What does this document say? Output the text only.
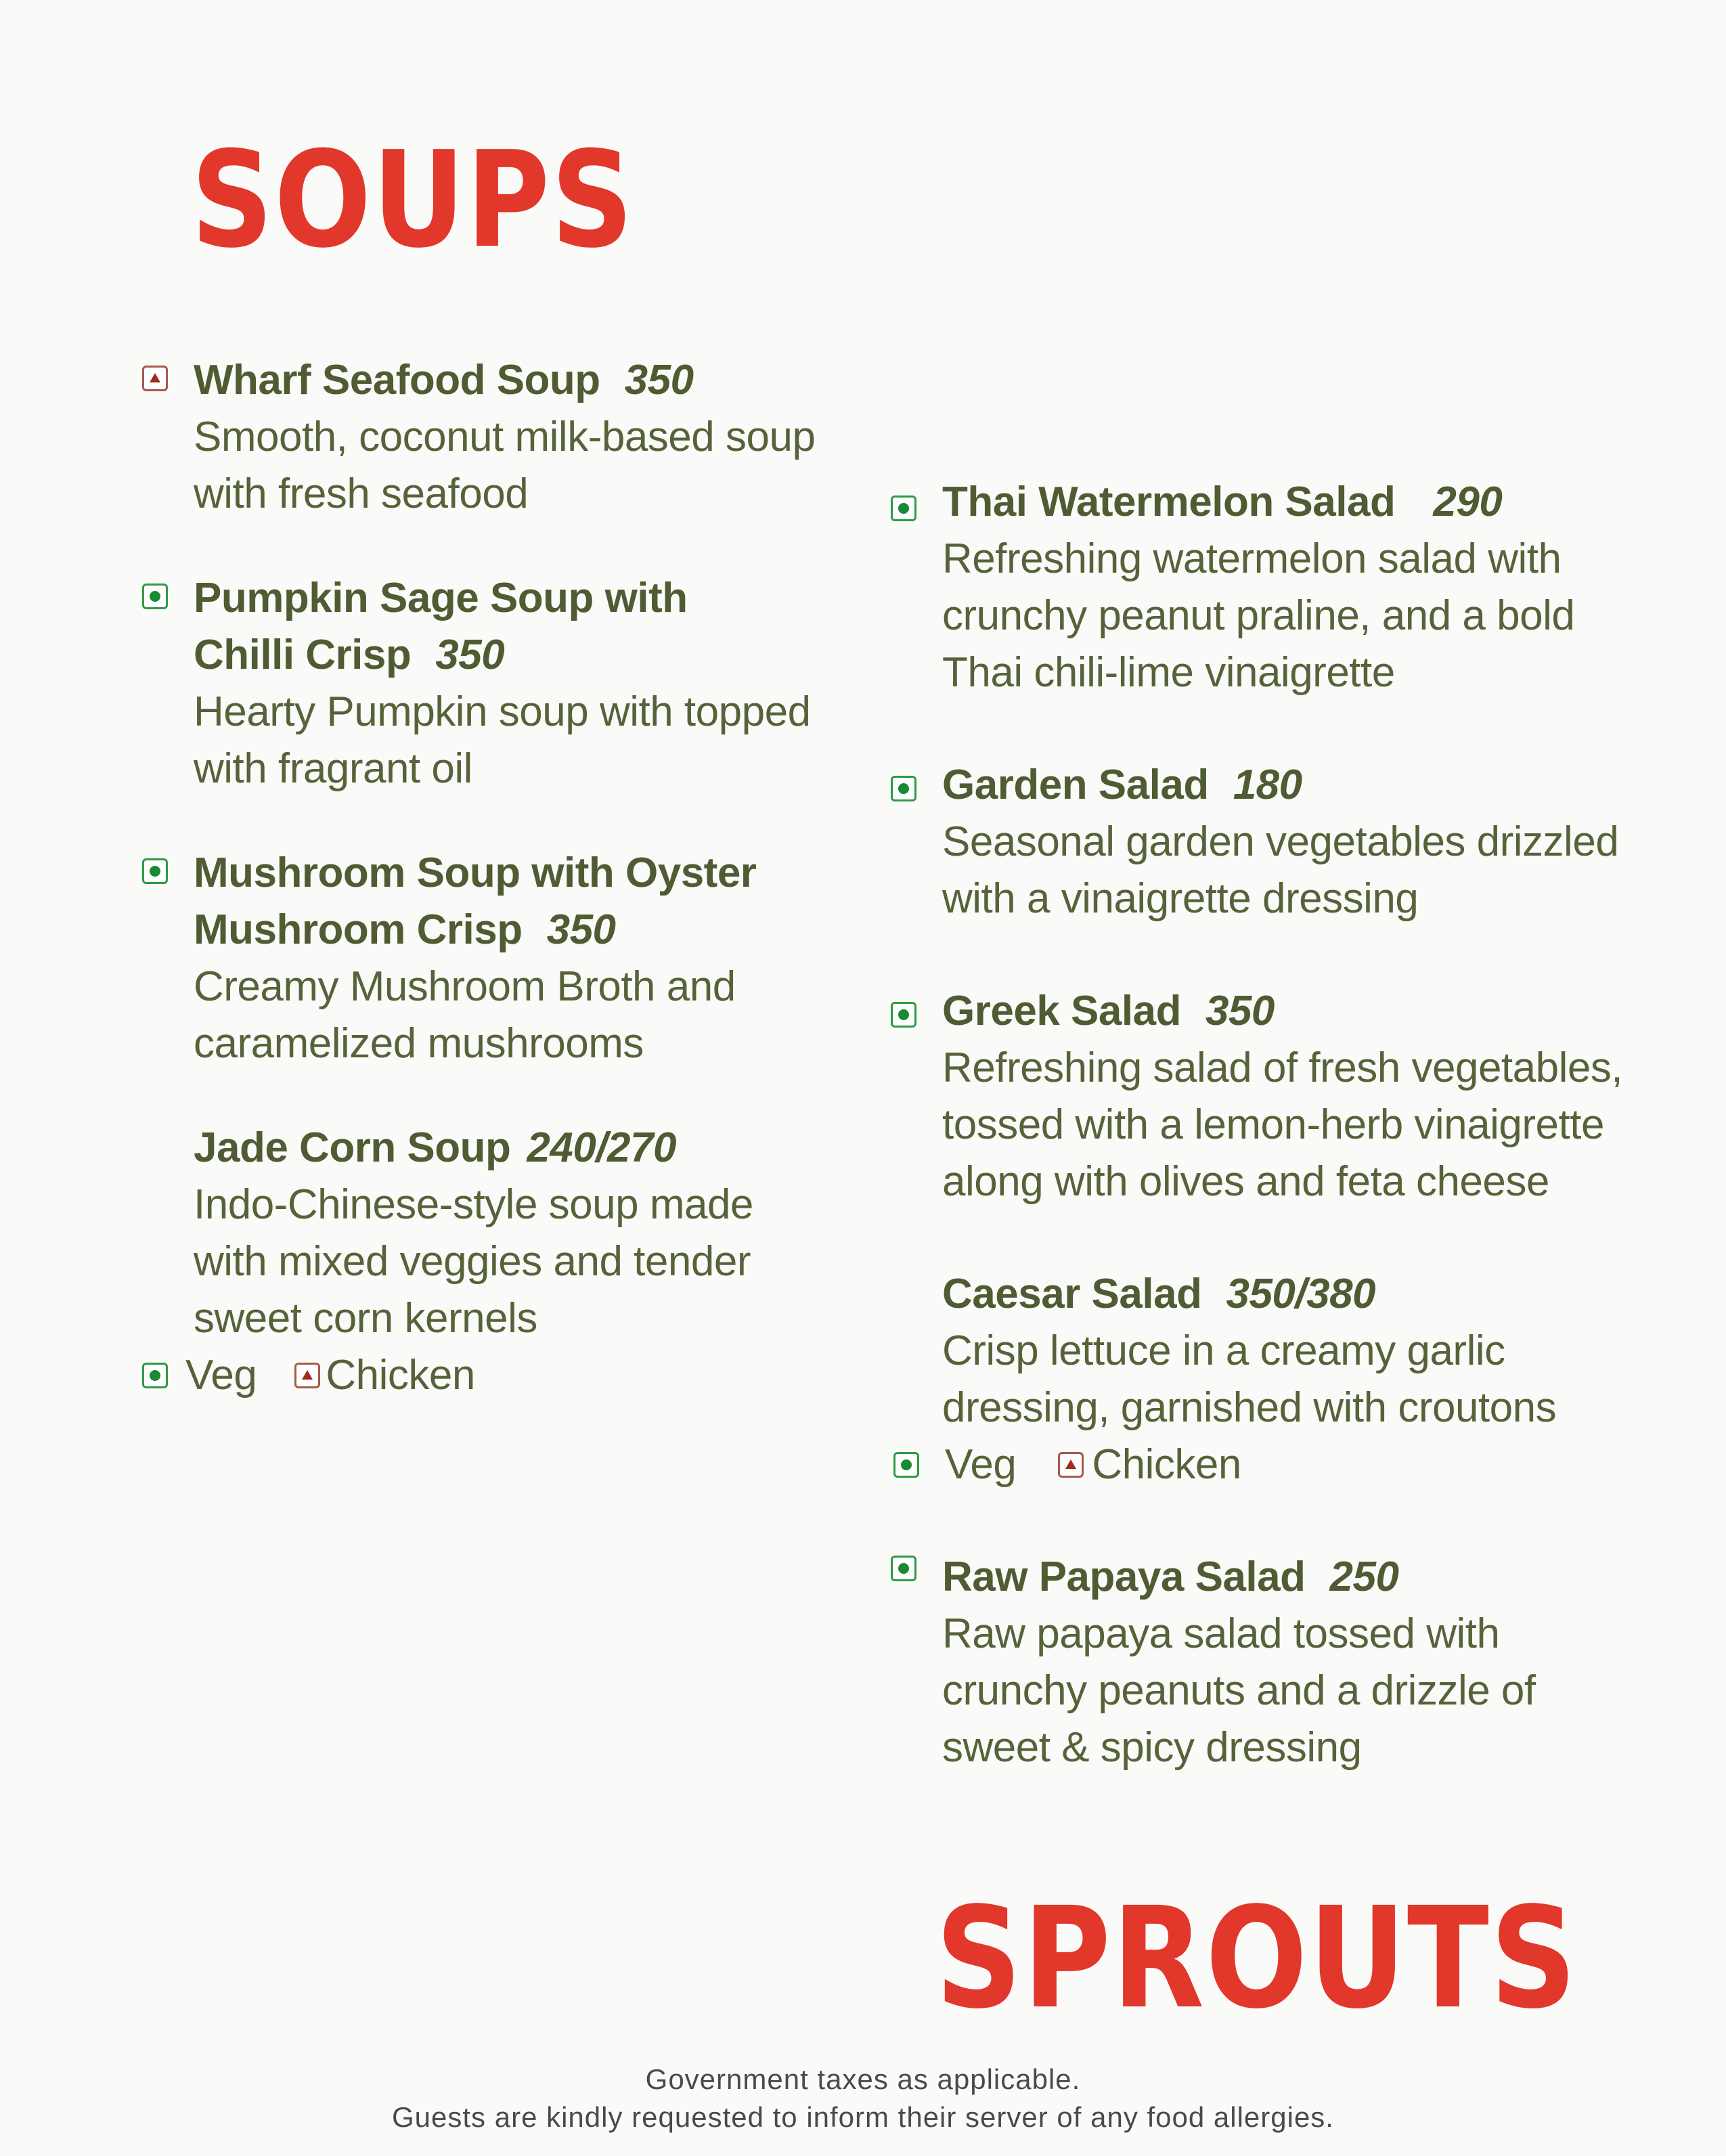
SOUPS
Wharf Seafood Soup 350
Smooth, coconut milk-based soup
with fresh seafood
Pumpkin Sage Soup with
Chilli Crisp 350
Hearty Pumpkin soup with topped
with fragrant oil
Mushroom Soup with Oyster
Mushroom Crisp 350
Creamy Mushroom Broth and
caramelized mushrooms
Jade Corn Soup 240/270
Indo-Chinese-style soup made
with mixed veggies and tender
sweet corn kernels
Veg Chicken
Thai Watermelon Salad 290
Refreshing watermelon salad with
crunchy peanut praline, and a bold
Thai chili-lime vinaigrette
Garden Salad 180
Seasonal garden vegetables drizzled
with a vinaigrette dressing
Greek Salad 350
Refreshing salad of fresh vegetables,
tossed with a lemon-herb vinaigrette
along with olives and feta cheese
Caesar Salad 350/380
Crisp lettuce in a creamy garlic
dressing, garnished with croutons
Veg Chicken
Raw Papaya Salad 250
Raw papaya salad tossed with
crunchy peanuts and a drizzle of
sweet & spicy dressing
SPROUTS
Government taxes as applicable.
Guests are kindly requested to inform their server of any food allergies.
